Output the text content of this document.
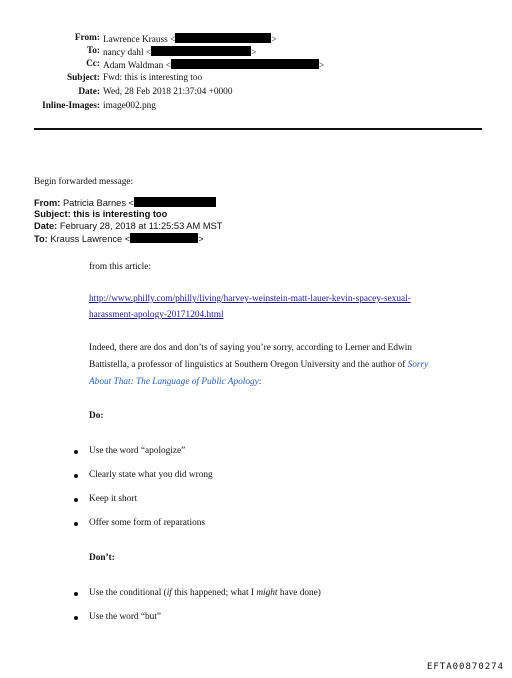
From: Lawrence Krauss <	>
To: nancy dahl <	>
Cc: Adam Waldman <	>
Subject: Fwd: this is interesting too
Date: Wed, 28 Feb 2018 21:37:04 +0000
Inline-Images: image002.png
Begin forwarded message:
From: Patricia Barnes <
Subject: this is interesting too
Date: February 28, 2018 at 11:25:53 AM MST
To: Krauss Lawrence <	>
from this article:
http://www.philly.com/philly/living/harvey-weinstein-matt-lauer-kevin-spacey-sexual-
harassment-apology-20171204.html
Indeed, there are dos and don’ts of saying you’re sorry, according to Lerner and Edwin
Battistella, a professor of linguistics at Southern Oregon University and the author of Sorry
About That: The Language of Public Apology:
Do:
Use the word “apologize”
Clearly state what you did wrong
Keep it short
Offer some form of reparations
Don’t:
Use the conditional (if this happened; what I might have done)
Use the word “but”
EFTA00870274
